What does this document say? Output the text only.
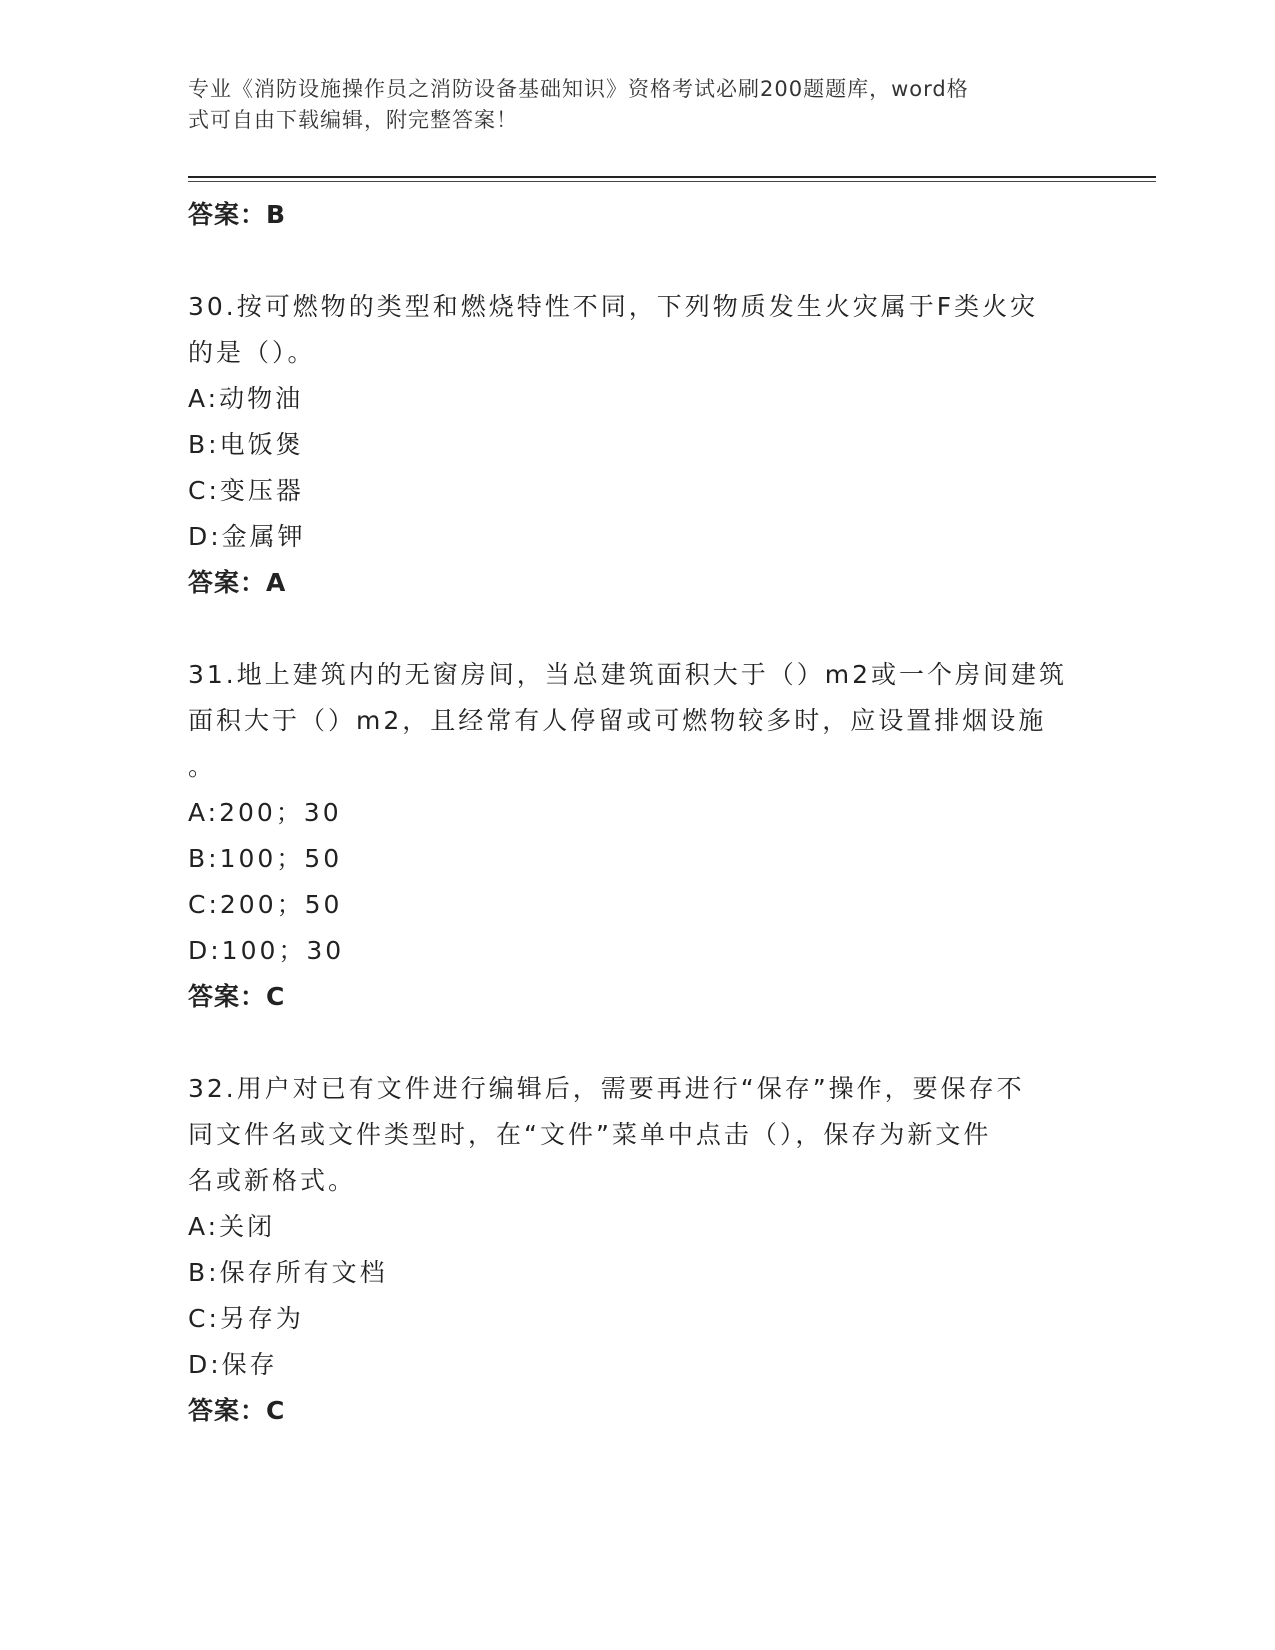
专业《消防设施操作员之消防设备基础知识》资格考试必刷200题题库，word格
式可自由下载编辑，附完整答案！
答案：B
30.按可燃物的类型和燃烧特性不同，下列物质发生火灾属于F类火灾
的是（）。
A:动物油
B:电饭煲
C:变压器
D:金属钾
答案：A
31.地上建筑内的无窗房间，当总建筑面积大于（）m2或一个房间建筑
面积大于（）m2，且经常有人停留或可燃物较多时，应设置排烟设施
。
A:200；30
B:100；50
C:200；50
D:100；30
答案：C
32.用户对已有文件进行编辑后，需要再进行“保存”操作，要保存不
同文件名或文件类型时，在“文件”菜单中点击（），保存为新文件
名或新格式。
A:关闭
B:保存所有文档
C:另存为
D:保存
答案：C
